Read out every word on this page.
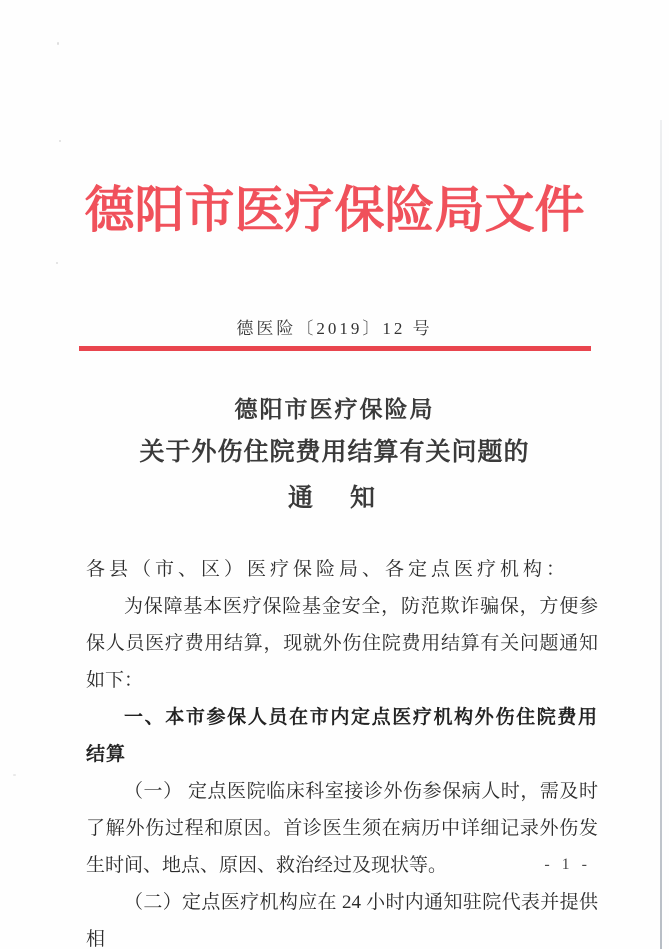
德阳市医疗保险局文件
德医险〔2019〕12 号
德阳市医疗保险局
关于外伤住院费用结算有关问题的
通　知

各县（市、区）医疗保险局、各定点医疗机构：

为保障基本医疗保险基金安全，防范欺诈骗保，方便参保人员医疗费用结算，现就外伤住院费用结算有关问题通知如下：

一、本市参保人员在市内定点医疗机构外伤住院费用结算

（一） 定点医院临床科室接诊外伤参保病人时，需及时了解外伤过程和原因。首诊医生须在病历中详细记录外伤发生时间、地点、原因、救治经过及现状等。

（二）定点医疗机构应在 24 小时内通知驻院代表并提供相

- 1 -
